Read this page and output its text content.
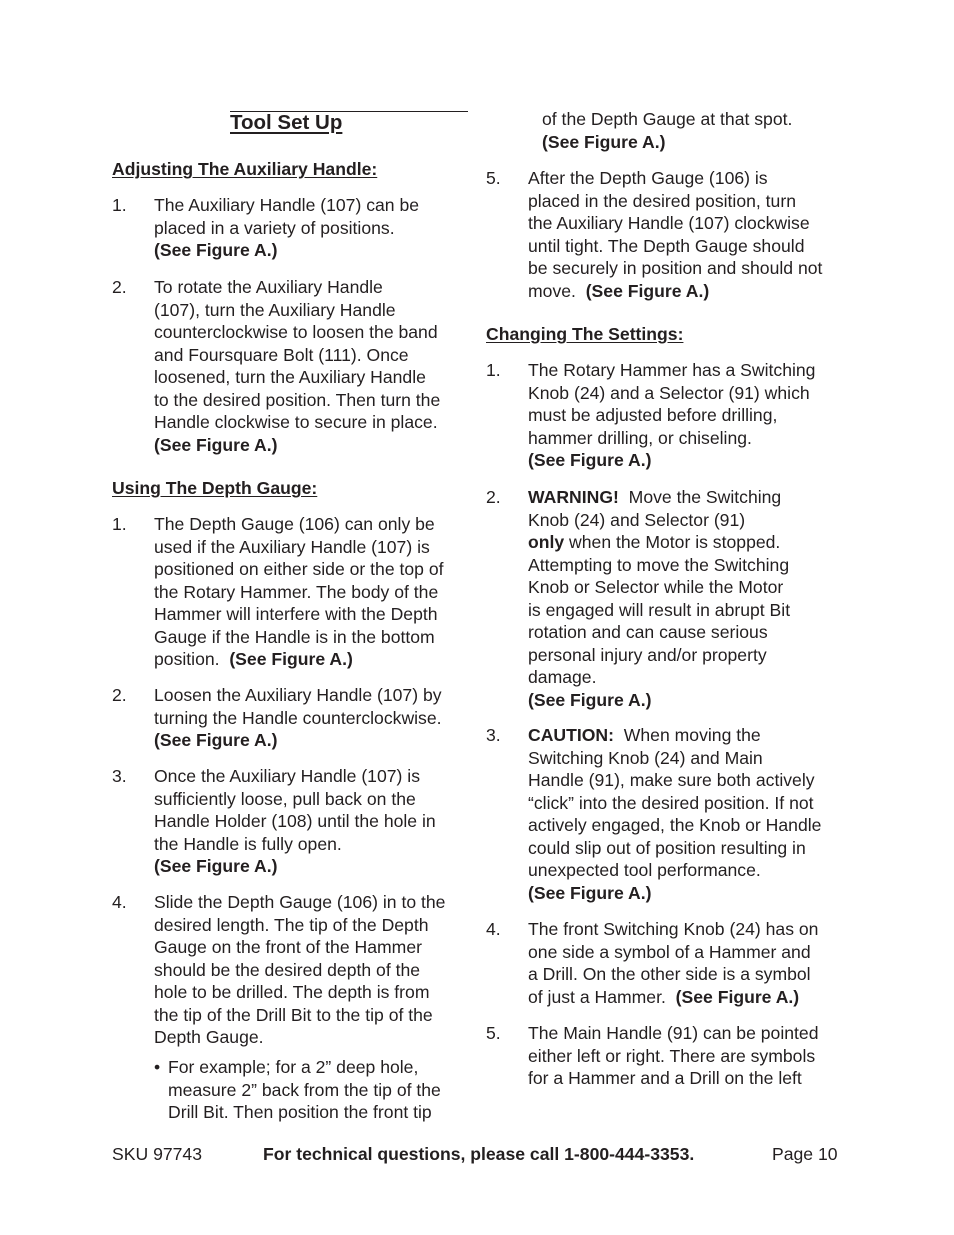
Tool Set Up
Adjusting The Auxiliary Handle:
1. The Auxiliary Handle (107) can be
placed in a variety of positions.
(See Figure A.)
2. To rotate the Auxiliary Handle
(107), turn the Auxiliary Handle
counterclockwise to loosen the band
and Foursquare Bolt (111). Once
loosened, turn the Auxiliary Handle
to the desired position. Then turn the
Handle clockwise to secure in place.
(See Figure A.)
Using The Depth Gauge:
1. The Depth Gauge (106) can only be
used if the Auxiliary Handle (107) is
positioned on either side or the top of
the Rotary Hammer. The body of the
Hammer will interfere with the Depth
Gauge if the Handle is in the bottom
position. (See Figure A.)
2. Loosen the Auxiliary Handle (107) by
turning the Handle counterclockwise.
(See Figure A.)
3. Once the Auxiliary Handle (107) is
sufficiently loose, pull back on the
Handle Holder (108) until the hole in
the Handle is fully open.
(See Figure A.)
4. Slide the Depth Gauge (106) in to the
desired length. The tip of the Depth
Gauge on the front of the Hammer
should be the desired depth of the
hole to be drilled. The depth is from
the tip of the Drill Bit to the tip of the
Depth Gauge.
• For example; for a 2” deep hole,
measure 2” back from the tip of the
Drill Bit. Then position the front tip
of the Depth Gauge at that spot.
(See Figure A.)
5. After the Depth Gauge (106) is
placed in the desired position, turn
the Auxiliary Handle (107) clockwise
until tight. The Depth Gauge should
be securely in position and should not
move. (See Figure A.)
Changing The Settings:
1. The Rotary Hammer has a Switching
Knob (24) and a Selector (91) which
must be adjusted before drilling,
hammer drilling, or chiseling.
(See Figure A.)
2. WARNING!  Move the Switching
Knob (24) and Selector (91)
only when the Motor is stopped.
Attempting to move the Switching
Knob or Selector while the Motor
is engaged will result in abrupt Bit
rotation and can cause serious
personal injury and/or property
damage.
(See Figure A.)
3. CAUTION:  When moving the
Switching Knob (24) and Main
Handle (91), make sure both actively
“click” into the desired position. If not
actively engaged, the Knob or Handle
could slip out of position resulting in
unexpected tool performance.
(See Figure A.)
4. The front Switching Knob (24) has on
one side a symbol of a Hammer and
a Drill. On the other side is a symbol
of just a Hammer. (See Figure A.)
5. The Main Handle (91) can be pointed
either left or right. There are symbols
for a Hammer and a Drill on the left
SKU 97743	For technical questions, please call 1-800-444-3353.	Page 10
